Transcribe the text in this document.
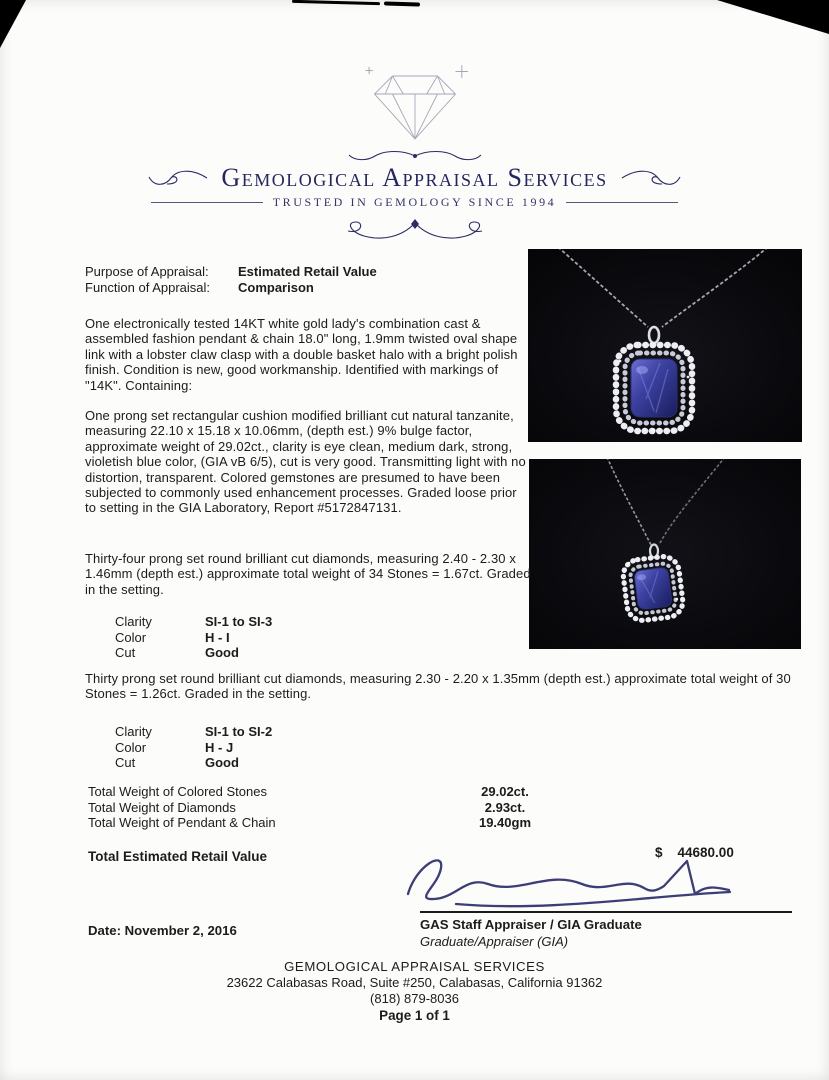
Gemological Appraisal Services
TRUSTED IN GEMOLOGY SINCE 1994
Purpose of Appraisal: Estimated Retail Value
Function of Appraisal: Comparison

One electronically tested 14KT white gold lady's combination cast & assembled fashion pendant & chain 18.0" long, 1.9mm twisted oval shape link with a lobster claw clasp with a double basket halo with a bright polish finish. Condition is new, good workmanship. Identified with markings of "14K". Containing:

One prong set rectangular cushion modified brilliant cut natural tanzanite, measuring 22.10 x 15.18 x 10.06mm, (depth est.) 9% bulge factor, approximate weight of 29.02ct., clarity is eye clean, medium dark, strong, violetish blue color, (GIA vB 6/5), cut is very good. Transmitting light with no distortion, transparent. Colored gemstones are presumed to have been subjected to commonly used enhancement processes. Graded loose prior to setting in the GIA Laboratory, Report #5172847131.

Thirty-four prong set round brilliant cut diamonds, measuring 2.40 - 2.30 x 1.46mm (depth est.) approximate total weight of 34 Stones = 1.67ct. Graded in the setting.

Clarity	SI-1 to SI-3
Color	H - I
Cut	Good

Thirty prong set round brilliant cut diamonds, measuring 2.30 - 2.20 x 1.35mm (depth est.) approximate total weight of 30 Stones = 1.26ct. Graded in the setting.

Clarity	SI-1 to SI-2
Color	H - J
Cut	Good
Total Weight of Colored Stones	29.02ct.
Total Weight of Diamonds	2.93ct.
Total Weight of Pendant & Chain	19.40gm
Total Estimated Retail Value	$ 44680.00
GAS Staff Appraiser / GIA Graduate
Graduate/Appraiser (GIA)
Date: November 2, 2016
GEMOLOGICAL APPRAISAL SERVICES
23622 Calabasas Road, Suite #250, Calabasas, California 91362
(818) 879-8036
Page 1 of 1
